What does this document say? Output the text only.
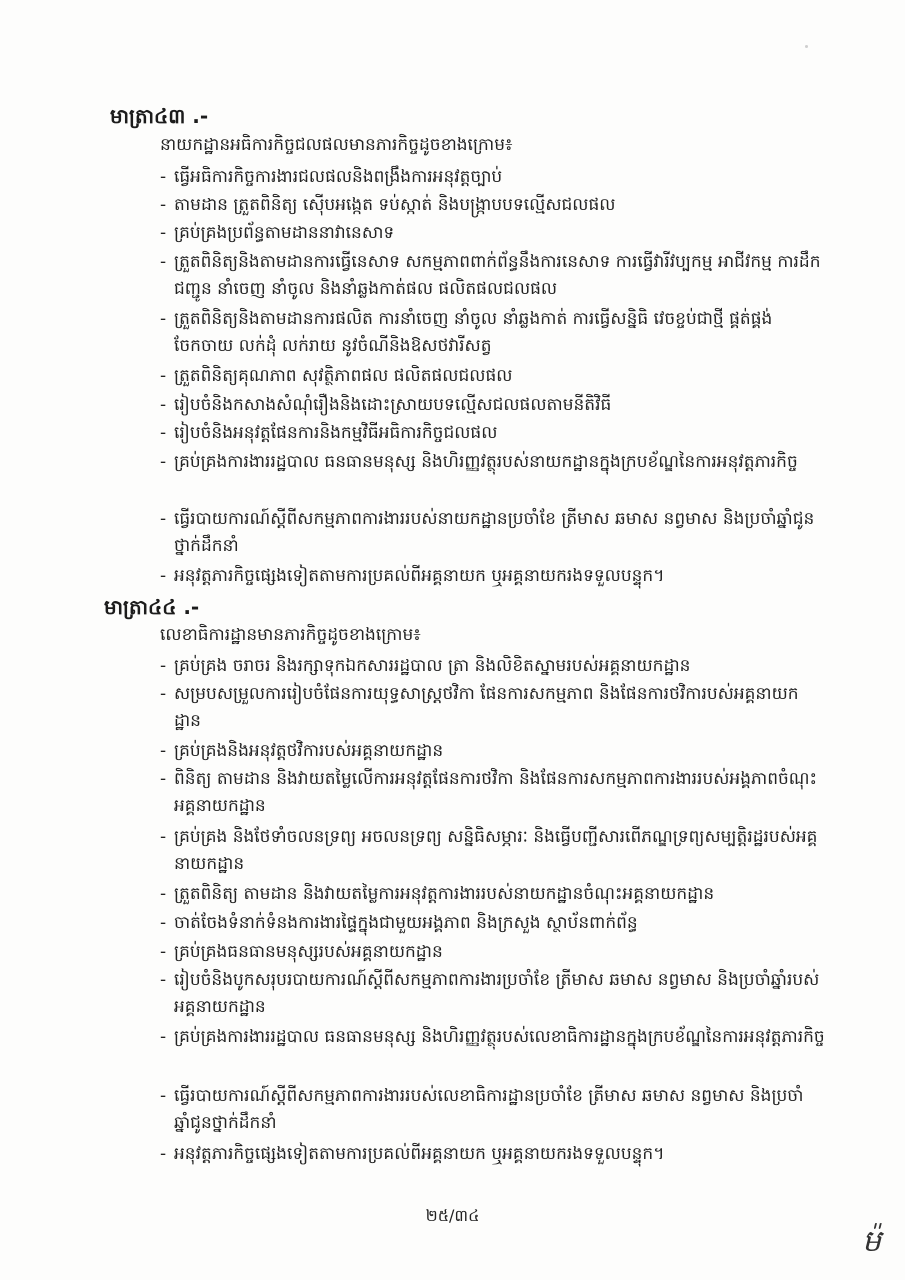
មាត្រា៤៣ .-
នាយកដ្ឋានអធិការកិច្ចជលផលមានភារកិច្ចដូចខាងក្រោម៖
- ធ្វើអធិការកិច្ចការងារជលផលនិងពង្រឹងការអនុវត្តច្បាប់
- តាមដាន ត្រួតពិនិត្យ ស៊ើបអង្កេត ទប់ស្កាត់ និងបង្ក្រាបបទល្មើសជលផល
- គ្រប់គ្រងប្រព័ន្ធតាមដាននាវានេសាទ
- ត្រួតពិនិត្យនិងតាមដានការធ្វើនេសាទ សកម្មភាពពាក់ព័ន្ធនឹងការនេសាទ ការធ្វើវារីវប្បកម្ម អាជីវកម្ម ការដឹកជញ្ជូន នាំចេញ នាំចូល និងនាំឆ្លងកាត់ផល ផលិតផលជលផល
- ត្រួតពិនិត្យនិងតាមដានការផលិត ការនាំចេញ នាំចូល នាំឆ្លងកាត់ ការធ្វើសន្និធិ វេចខ្ចប់ជាថ្មី ផ្គត់ផ្គង់ ចែកចាយ លក់ដុំ លក់រាយ នូវចំណីនិងឱសថវារីសត្វ
- ត្រួតពិនិត្យគុណភាព សុវត្ថិភាពផល ផលិតផលជលផល
- រៀបចំនិងកសាងសំណុំរឿងនិងដោះស្រាយបទល្មើសជលផលតាមនីតិវិធី
- រៀបចំនិងអនុវត្តផែនការនិងកម្មវិធីអធិការកិច្ចជលផល
- គ្រប់គ្រងការងាររដ្ឋបាល ធនធានមនុស្ស និងហិរញ្ញវត្ថុរបស់នាយកដ្ឋានក្នុងក្របខ័ណ្ឌនៃការអនុវត្តភារកិច្ច
- ធ្វើរបាយការណ៍ស្តីពីសកម្មភាពការងាររបស់នាយកដ្ឋានប្រចាំខែ ត្រីមាស ឆមាស នព្វមាស និងប្រចាំឆ្នាំជូនថ្នាក់ដឹកនាំ
- អនុវត្តភារកិច្ចផ្សេងទៀតតាមការប្រគល់ពីអគ្គនាយក ឬអគ្គនាយករងទទួលបន្ទុក។
មាត្រា៤៤ .-
លេខាធិការដ្ឋានមានភារកិច្ចដូចខាងក្រោម៖
- គ្រប់គ្រង ចរាចរ និងរក្សាទុកឯកសាររដ្ឋបាល ត្រា និងលិខិតស្នាមរបស់អគ្គនាយកដ្ឋាន
- សម្របសម្រួលការរៀបចំផែនការយុទ្ធសាស្ត្រថវិកា ផែនការសកម្មភាព និងផែនការថវិការបស់អគ្គនាយកដ្ឋាន
- គ្រប់គ្រងនិងអនុវត្តថវិការបស់អគ្គនាយកដ្ឋាន
- ពិនិត្យ តាមដាន និងវាយតម្លៃលើការអនុវត្តផែនការថវិកា និងផែនការសកម្មភាពការងាររបស់អង្គភាពចំណុះអគ្គនាយកដ្ឋាន
- គ្រប់គ្រង និងថែទាំចលនទ្រព្យ អចលនទ្រព្យ សន្និធិសម្ភារៈ និងធ្វើបញ្ជីសារពើភណ្ឌទ្រព្យសម្បត្តិរដ្ឋរបស់អគ្គនាយកដ្ឋាន
- ត្រួតពិនិត្យ តាមដាន និងវាយតម្លៃការអនុវត្តការងាររបស់នាយកដ្ឋានចំណុះអគ្គនាយកដ្ឋាន
- ចាត់ចែងទំនាក់ទំនងការងារផ្ទៃក្នុងជាមួយអង្គភាព និងក្រសួង ស្ថាប័នពាក់ព័ន្ធ
- គ្រប់គ្រងធនធានមនុស្សរបស់អគ្គនាយកដ្ឋាន
- រៀបចំនិងបូកសរុបរបាយការណ៍ស្តីពីសកម្មភាពការងារប្រចាំខែ ត្រីមាស ឆមាស នព្វមាស និងប្រចាំឆ្នាំរបស់អគ្គនាយកដ្ឋាន
- គ្រប់គ្រងការងាររដ្ឋបាល ធនធានមនុស្ស និងហិរញ្ញវត្ថុរបស់លេខាធិការដ្ឋានក្នុងក្របខ័ណ្ឌនៃការអនុវត្តភារកិច្ច
- ធ្វើរបាយការណ៍ស្តីពីសកម្មភាពការងាររបស់លេខាធិការដ្ឋានប្រចាំខែ ត្រីមាស ឆមាស នព្វមាស និងប្រចាំឆ្នាំជូនថ្នាក់ដឹកនាំ
- អនុវត្តភារកិច្ចផ្សេងទៀតតាមការប្រគល់ពីអគ្គនាយក ឬអគ្គនាយករងទទួលបន្ទុក។
២៥/៣៤
ម៉
